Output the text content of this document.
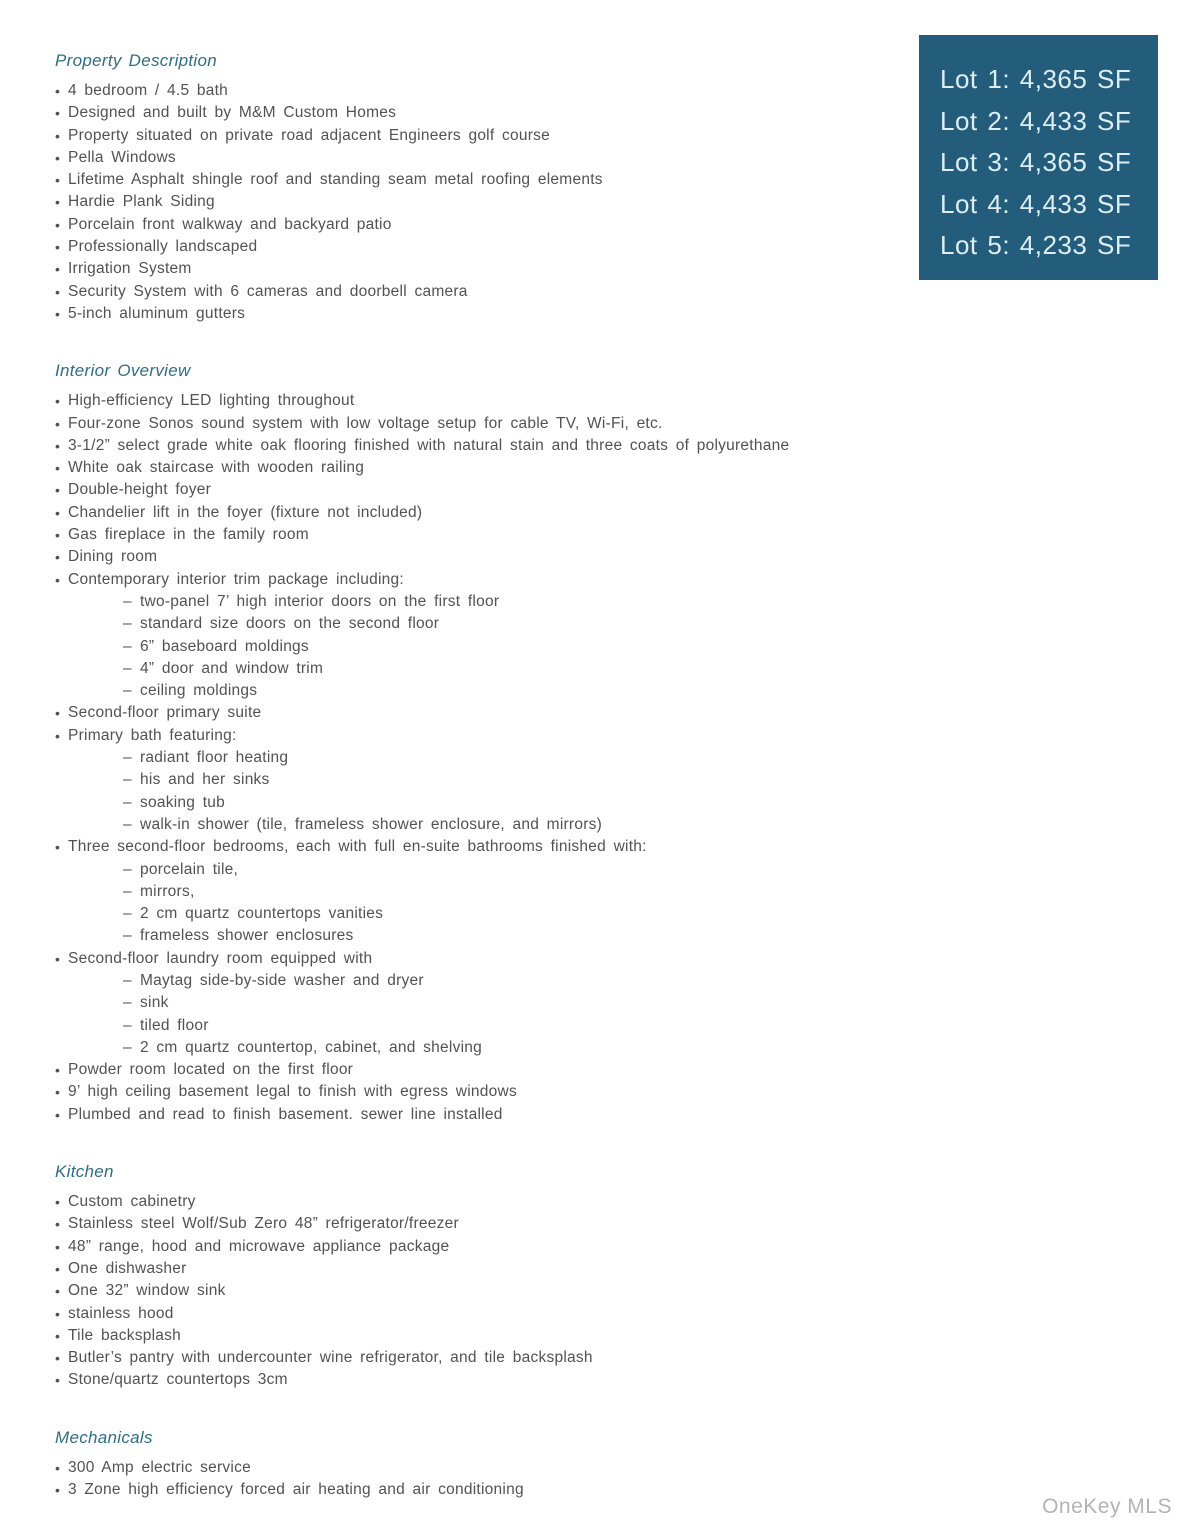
Property Description
• 4 bedroom / 4.5 bath
• Designed and built by M&M Custom Homes
• Property situated on private road adjacent Engineers golf course
• Pella Windows
• Lifetime Asphalt shingle roof and standing seam metal roofing elements
• Hardie Plank Siding
• Porcelain front walkway and backyard patio
• Professionally landscaped
• Irrigation System
• Security System with 6 cameras and doorbell camera
• 5-inch aluminum gutters
Interior Overview
• High-efficiency LED lighting throughout
• Four-zone Sonos sound system with low voltage setup for cable TV, Wi-Fi, etc.
• 3-1/2” select grade white oak flooring finished with natural stain and three coats of polyurethane
• White oak staircase with wooden railing
• Double-height foyer
• Chandelier lift in the foyer (fixture not included)
• Gas fireplace in the family room
• Dining room
• Contemporary interior trim package including:
– two-panel 7’ high interior doors on the first floor
– standard size doors on the second floor
– 6” baseboard moldings
– 4” door and window trim
– ceiling moldings
• Second-floor primary suite
• Primary bath featuring:
– radiant floor heating
– his and her sinks
– soaking tub
– walk-in shower (tile, frameless shower enclosure, and mirrors)
• Three second-floor bedrooms, each with full en-suite bathrooms finished with:
– porcelain tile,
– mirrors,
– 2 cm quartz countertops vanities
– frameless shower enclosures
• Second-floor laundry room equipped with
– Maytag side-by-side washer and dryer
– sink
– tiled floor
– 2 cm quartz countertop, cabinet, and shelving
• Powder room located on the first floor
• 9’ high ceiling basement legal to finish with egress windows
• Plumbed and read to finish basement. sewer line installed
Kitchen
• Custom cabinetry
• Stainless steel Wolf/Sub Zero 48” refrigerator/freezer
• 48” range, hood and microwave appliance package
• One dishwasher
• One 32” window sink
• stainless hood
• Tile backsplash
• Butler’s pantry with undercounter wine refrigerator, and tile backsplash
• Stone/quartz countertops 3cm
Mechanicals
• 300 Amp electric service
• 3 Zone high efficiency forced air heating and air conditioning
Lot 1: 4,365 SF
Lot 2: 4,433 SF
Lot 3: 4,365 SF
Lot 4: 4,433 SF
Lot 5: 4,233 SF
OneKey MLS
